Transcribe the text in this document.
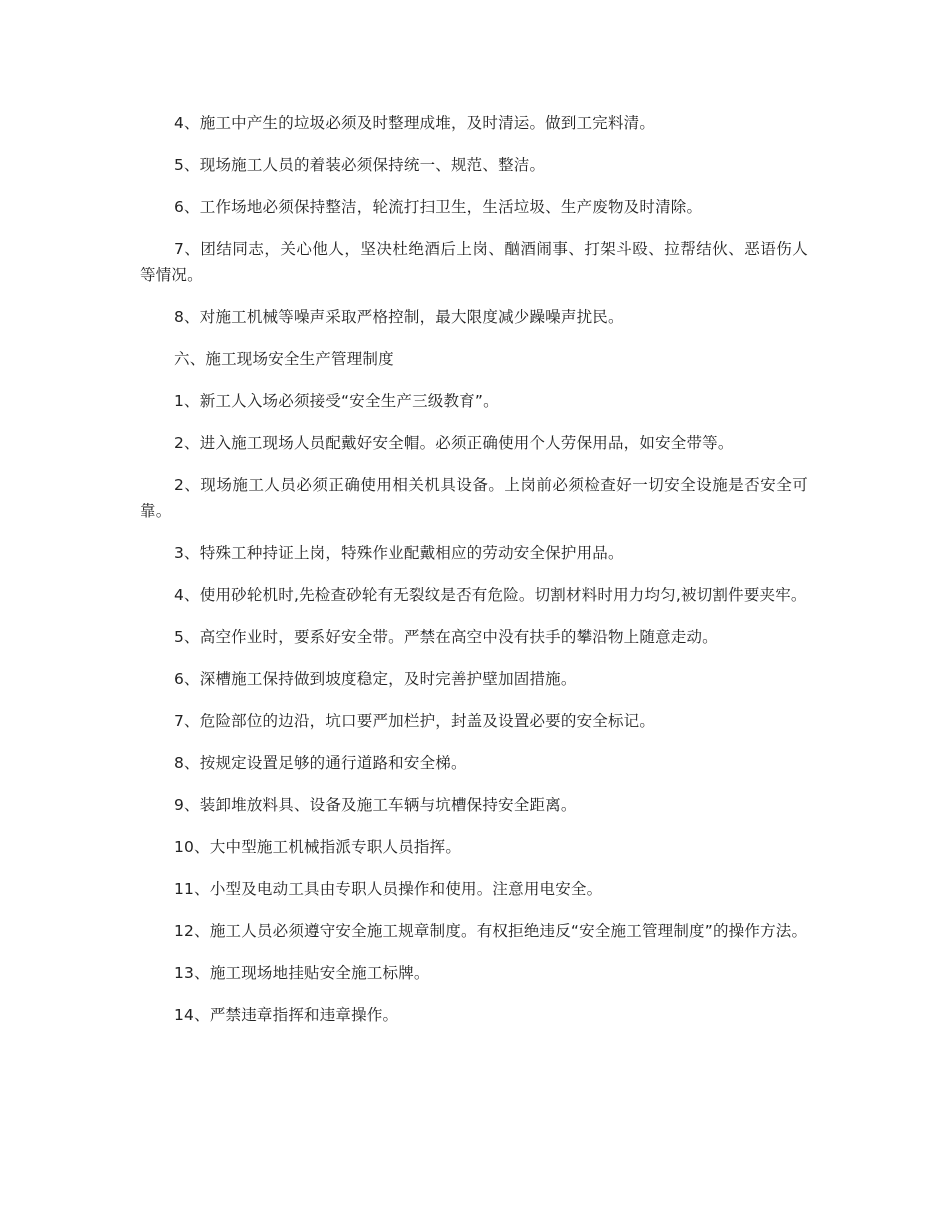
4、施工中产生的垃圾必须及时整理成堆，及时清运。做到工完料清。

5、现场施工人员的着装必须保持统一、规范、整洁。

6、工作场地必须保持整洁，轮流打扫卫生，生活垃圾、生产废物及时清除。

7、团结同志，关心他人，坚决杜绝酒后上岗、酗酒闹事、打架斗殴、拉帮结伙、恶语伤人等情况。

8、对施工机械等噪声采取严格控制，最大限度减少躁噪声扰民。

六、施工现场安全生产管理制度

1、新工人入场必须接受“安全生产三级教育”。

2、进入施工现场人员配戴好安全帽。必须正确使用个人劳保用品，如安全带等。

2、现场施工人员必须正确使用相关机具设备。上岗前必须检查好一切安全设施是否安全可靠。

3、特殊工种持证上岗，特殊作业配戴相应的劳动安全保护用品。

4、使用砂轮机时,先检查砂轮有无裂纹是否有危险。切割材料时用力均匀,被切割件要夹牢。

5、高空作业时，要系好安全带。严禁在高空中没有扶手的攀沿物上随意走动。

6、深槽施工保持做到坡度稳定，及时完善护壁加固措施。

7、危险部位的边沿，坑口要严加栏护，封盖及设置必要的安全标记。

8、按规定设置足够的通行道路和安全梯。

9、装卸堆放料具、设备及施工车辆与坑槽保持安全距离。

10、大中型施工机械指派专职人员指挥。

11、小型及电动工具由专职人员操作和使用。注意用电安全。

12、施工人员必须遵守安全施工规章制度。有权拒绝违反“安全施工管理制度”的操作方法。

13、施工现场地挂贴安全施工标牌。

14、严禁违章指挥和违章操作。
